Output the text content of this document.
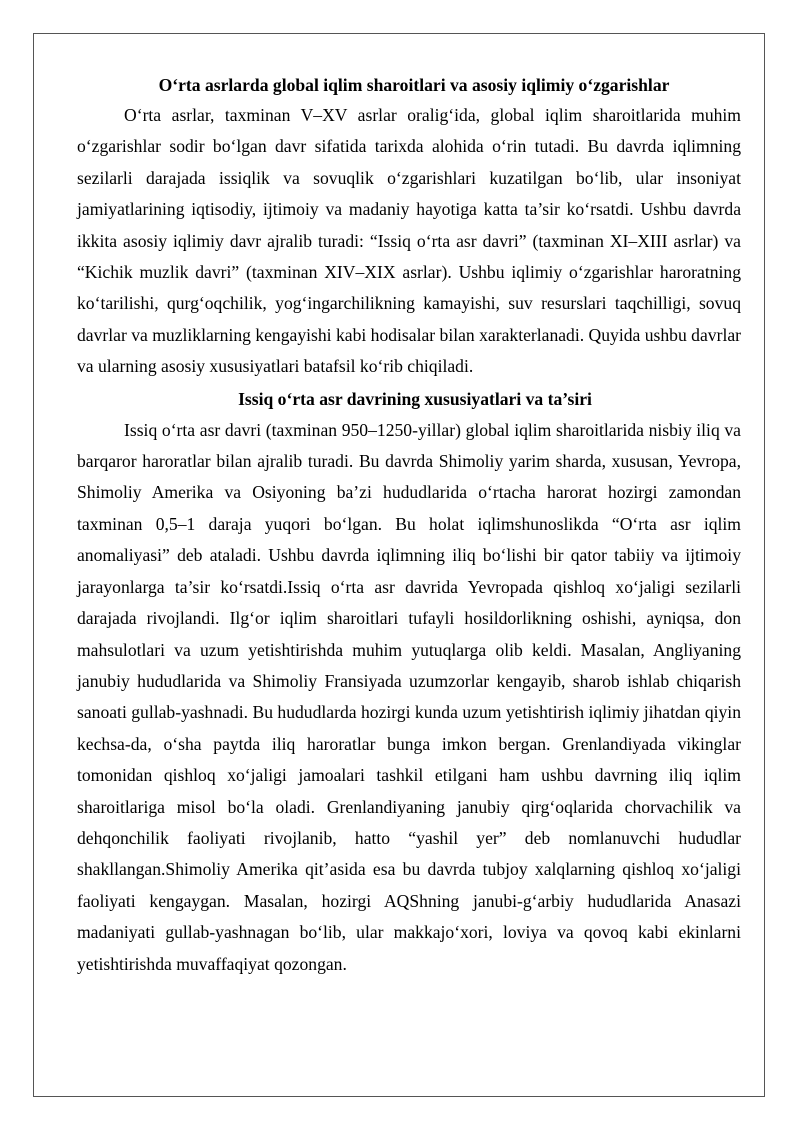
O‘rta asrlarda global iqlim sharoitlari va asosiy iqlimiy o‘zgarishlar

O‘rta asrlar, taxminan V–XV asrlar oralig‘ida, global iqlim sharoitlarida muhim o‘zgarishlar sodir bo‘lgan davr sifatida tarixda alohida o‘rin tutadi. Bu davrda iqlimning sezilarli darajada issiqlik va sovuqlik o‘zgarishlari kuzatilgan bo‘lib, ular insoniyat jamiyatlarining iqtisodiy, ijtimoiy va madaniy hayotiga katta ta’sir ko‘rsatdi. Ushbu davrda ikkita asosiy iqlimiy davr ajralib turadi: “Issiq o‘rta asr davri” (taxminan XI–XIII asrlar) va “Kichik muzlik davri” (taxminan XIV–XIX asrlar). Ushbu iqlimiy o‘zgarishlar haroratning ko‘tarilishi, qurg‘oqchilik, yog‘ingarchilikning kamayishi, suv resurslari taqchilligi, sovuq davrlar va muzliklarning kengayishi kabi hodisalar bilan xarakterlanadi. Quyida ushbu davrlar va ularning asosiy xususiyatlari batafsil ko‘rib chiqiladi.

Issiq o‘rta asr davrining xususiyatlari va ta’siri

Issiq o‘rta asr davri (taxminan 950–1250-yillar) global iqlim sharoitlarida nisbiy iliq va barqaror haroratlar bilan ajralib turadi. Bu davrda Shimoliy yarim sharda, xususan, Yevropa, Shimoliy Amerika va Osiyoning ba’zi hududlarida o‘rtacha harorat hozirgi zamondan taxminan 0,5–1 daraja yuqori bo‘lgan. Bu holat iqlimshunoslikda “O‘rta asr iqlim anomaliyasi” deb ataladi. Ushbu davrda iqlimning iliq bo‘lishi bir qator tabiiy va ijtimoiy jarayonlarga ta’sir ko‘rsatdi.Issiq o‘rta asr davrida Yevropada qishloq xo‘jaligi sezilarli darajada rivojlandi. Ilg‘or iqlim sharoitlari tufayli hosildorlikning oshishi, ayniqsa, don mahsulotlari va uzum yetishtirishda muhim yutuqlarga olib keldi. Masalan, Angliyaning janubiy hududlarida va Shimoliy Fransiyada uzumzorlar kengayib, sharob ishlab chiqarish sanoati gullab-yashnadi. Bu hududlarda hozirgi kunda uzum yetishtirish iqlimiy jihatdan qiyin kechsa-da, o‘sha paytda iliq haroratlar bunga imkon bergan. Grenlandiyada vikinglar tomonidan qishloq xo‘jaligi jamoalari tashkil etilgani ham ushbu davrning iliq iqlim sharoitlariga misol bo‘la oladi. Grenlandiyaning janubiy qirg‘oqlarida chorvachilik va dehqonchilik faoliyati rivojlanib, hatto “yashil yer” deb nomlanuvchi hududlar shakllangan.Shimoliy Amerika qit’asida esa bu davrda tubjoy xalqlarning qishloq xo‘jaligi faoliyati kengaygan. Masalan, hozirgi AQShning janubi-g‘arbiy hududlarida Anasazi madaniyati gullab-yashnagan bo‘lib, ular makkajo‘xori, loviya va qovoq kabi ekinlarni yetishtirishda muvaffaqiyat qozongan.
